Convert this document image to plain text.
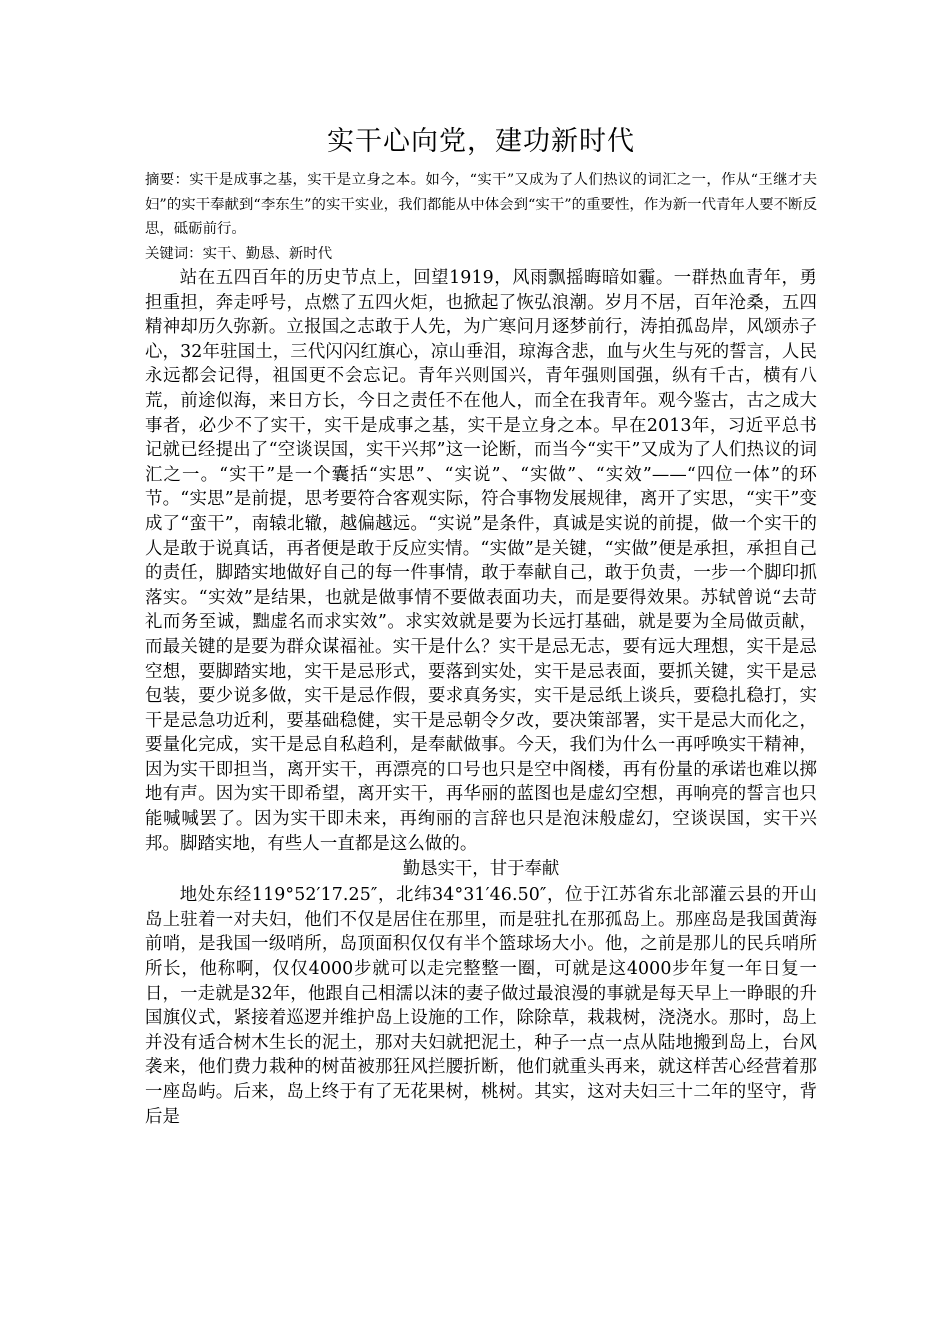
实干心向党，建功新时代

摘要：实干是成事之基，实干是立身之本。如今，“实干”又成为了人们热议的词汇之一，作从“王继才夫妇”的实干奉献到“李东生”的实干实业，我们都能从中体会到“实干”的重要性，作为新一代青年人要不断反思，砥砺前行。

关键词：实干、勤恳、新时代

站在五四百年的历史节点上，回望1919，风雨飘摇晦暗如霾。一群热血青年，勇担重担，奔走呼号，点燃了五四火炬，也掀起了恢弘浪潮。岁月不居，百年沧桑，五四精神却历久弥新。立报国之志敢于人先，为广寒问月逐梦前行，涛拍孤岛岸，风颂赤子心，32年驻国土，三代闪闪红旗心，凉山垂泪，琼海含悲，血与火生与死的誓言，人民永远都会记得，祖国更不会忘记。青年兴则国兴，青年强则国强，纵有千古，横有八荒，前途似海，来日方长，今日之责任不在他人，而全在我青年。观今鉴古，古之成大事者，必少不了实干，实干是成事之基，实干是立身之本。早在2013年，习近平总书记就已经提出了“空谈误国，实干兴邦”这一论断，而当今“实干”又成为了人们热议的词汇之一。“实干”是一个囊括“实思”、“实说”、“实做”、“实效”——“四位一体”的环节。“实思”是前提，思考要符合客观实际，符合事物发展规律，离开了实思，“实干”变成了“蛮干”，南辕北辙，越偏越远。“实说”是条件，真诚是实说的前提，做一个实干的人是敢于说真话，再者便是敢于反应实情。“实做”是关键，“实做”便是承担，承担自己的责任，脚踏实地做好自己的每一件事情，敢于奉献自己，敢于负责，一步一个脚印抓落实。“实效”是结果，也就是做事情不要做表面功夫，而是要得效果。苏轼曾说“去苛礼而务至诚，黜虚名而求实效”。求实效就是要为长远打基础，就是要为全局做贡献，而最关键的是要为群众谋福祉。实干是什么？实干是忌无志，要有远大理想，实干是忌空想，要脚踏实地，实干是忌形式，要落到实处，实干是忌表面，要抓关键，实干是忌包装，要少说多做，实干是忌作假，要求真务实，实干是忌纸上谈兵，要稳扎稳打，实干是忌急功近利，要基础稳健，实干是忌朝令夕改，要决策部署，实干是忌大而化之，要量化完成，实干是忌自私趋利，是奉献做事。今天，我们为什么一再呼唤实干精神，因为实干即担当，离开实干，再漂亮的口号也只是空中阁楼，再有份量的承诺也难以掷地有声。因为实干即希望，离开实干，再华丽的蓝图也是虚幻空想，再响亮的誓言也只能喊喊罢了。因为实干即未来，再绚丽的言辞也只是泡沫般虚幻，空谈误国，实干兴邦。脚踏实地，有些人一直都是这么做的。

勤恳实干，甘于奉献

地处东经119°52′17.25″，北纬34°31′46.50″，位于江苏省东北部灌云县的开山岛上驻着一对夫妇，他们不仅是居住在那里，而是驻扎在那孤岛上。那座岛是我国黄海前哨，是我国一级哨所，岛顶面积仅仅有半个篮球场大小。他，之前是那儿的民兵哨所所长，他称啊，仅仅4000步就可以走完整整一圈，可就是这4000步年复一年日复一日，一走就是32年，他跟自己相濡以沫的妻子做过最浪漫的事就是每天早上一睁眼的升国旗仪式，紧接着巡逻并维护岛上设施的工作，除除草，栽栽树，浇浇水。那时，岛上并没有适合树木生长的泥土，那对夫妇就把泥土，种子一点一点从陆地搬到岛上，台风袭来，他们费力栽种的树苗被那狂风拦腰折断，他们就重头再来，就这样苦心经营着那一座岛屿。后来，岛上终于有了无花果树，桃树。其实，这对夫妇三十二年的坚守，背后是
